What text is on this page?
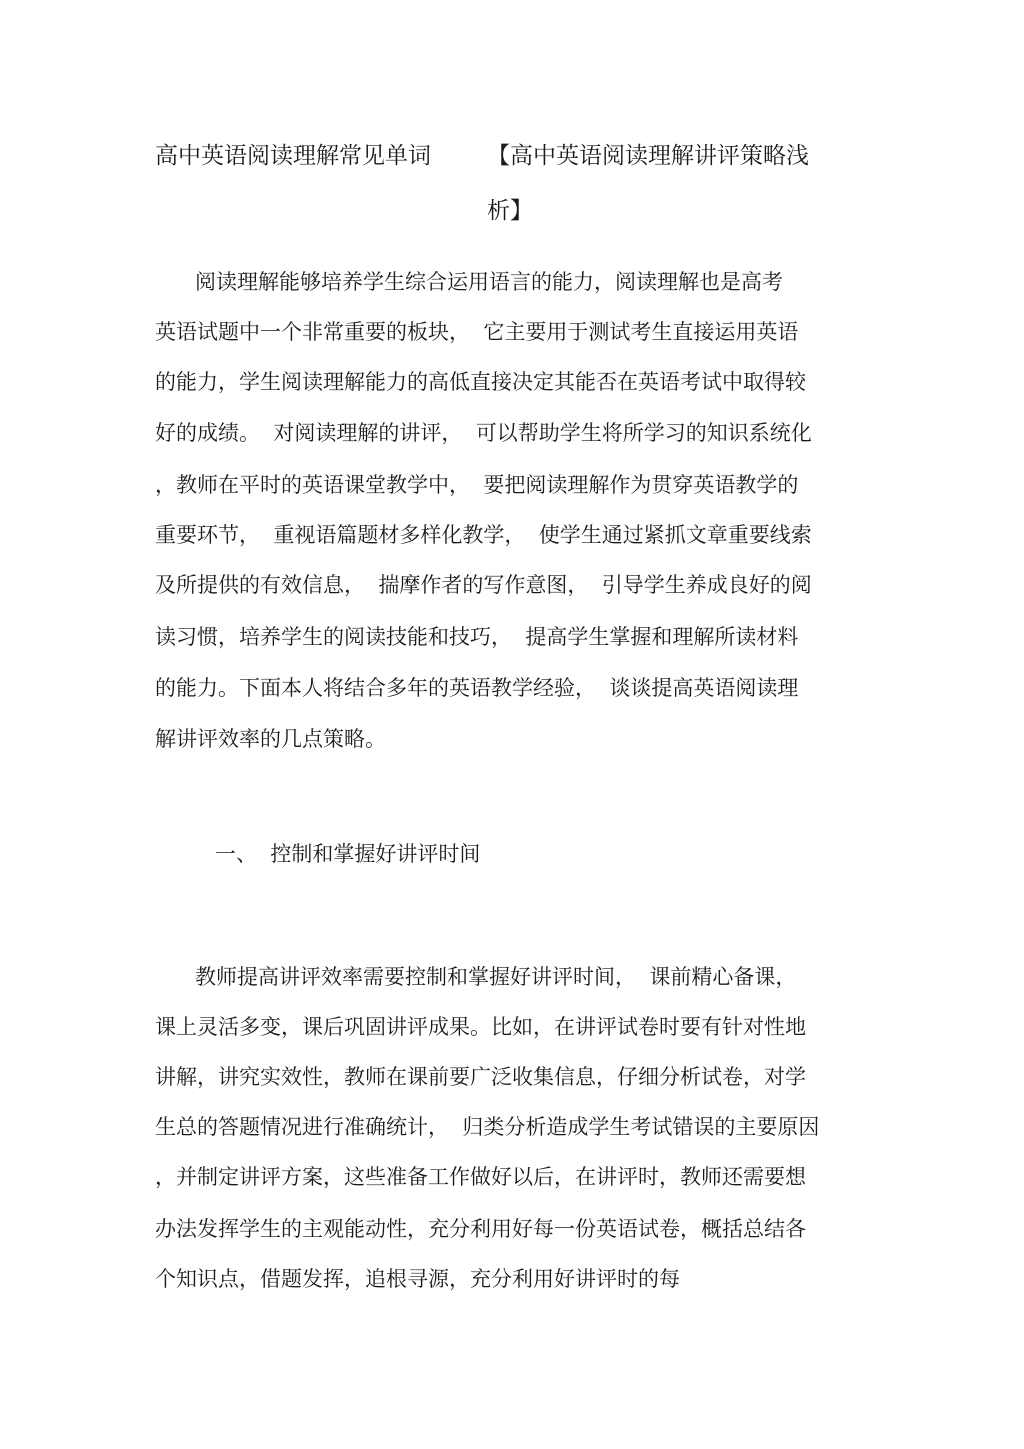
高中英语阅读理解常见单词 【高中英语阅读理解讲评策略浅
析】
阅读理解能够培养学生综合运用语言的能力，阅读理解也是高考
英语试题中一个非常重要的板块，  它主要用于测试考生直接运用英语
的能力，学生阅读理解能力的高低直接决定其能否在英语考试中取得较
好的成绩。  对阅读理解的讲评，  可以帮助学生将所学习的知识系统化
，教师在平时的英语课堂教学中，  要把阅读理解作为贯穿英语教学的
重要环节，  重视语篇题材多样化教学，  使学生通过紧抓文章重要线索
及所提供的有效信息，  揣摩作者的写作意图，  引导学生养成良好的阅
读习惯，培养学生的阅读技能和技巧，  提高学生掌握和理解所读材料
的能力。下面本人将结合多年的英语教学经验，  谈谈提高英语阅读理
解讲评效率的几点策略。
一、  控制和掌握好讲评时间
教师提高讲评效率需要控制和掌握好讲评时间，  课前精心备课，
课上灵活多变，课后巩固讲评成果。比如，在讲评试卷时要有针对性地
讲解，讲究实效性，教师在课前要广泛收集信息，仔细分析试卷，对学
生总的答题情况进行准确统计，  归类分析造成学生考试错误的主要原因
，并制定讲评方案，这些准备工作做好以后，在讲评时，教师还需要想
办法发挥学生的主观能动性，充分利用好每一份英语试卷，概括总结各
个知识点，借题发挥，追根寻源，充分利用好讲评时的每
